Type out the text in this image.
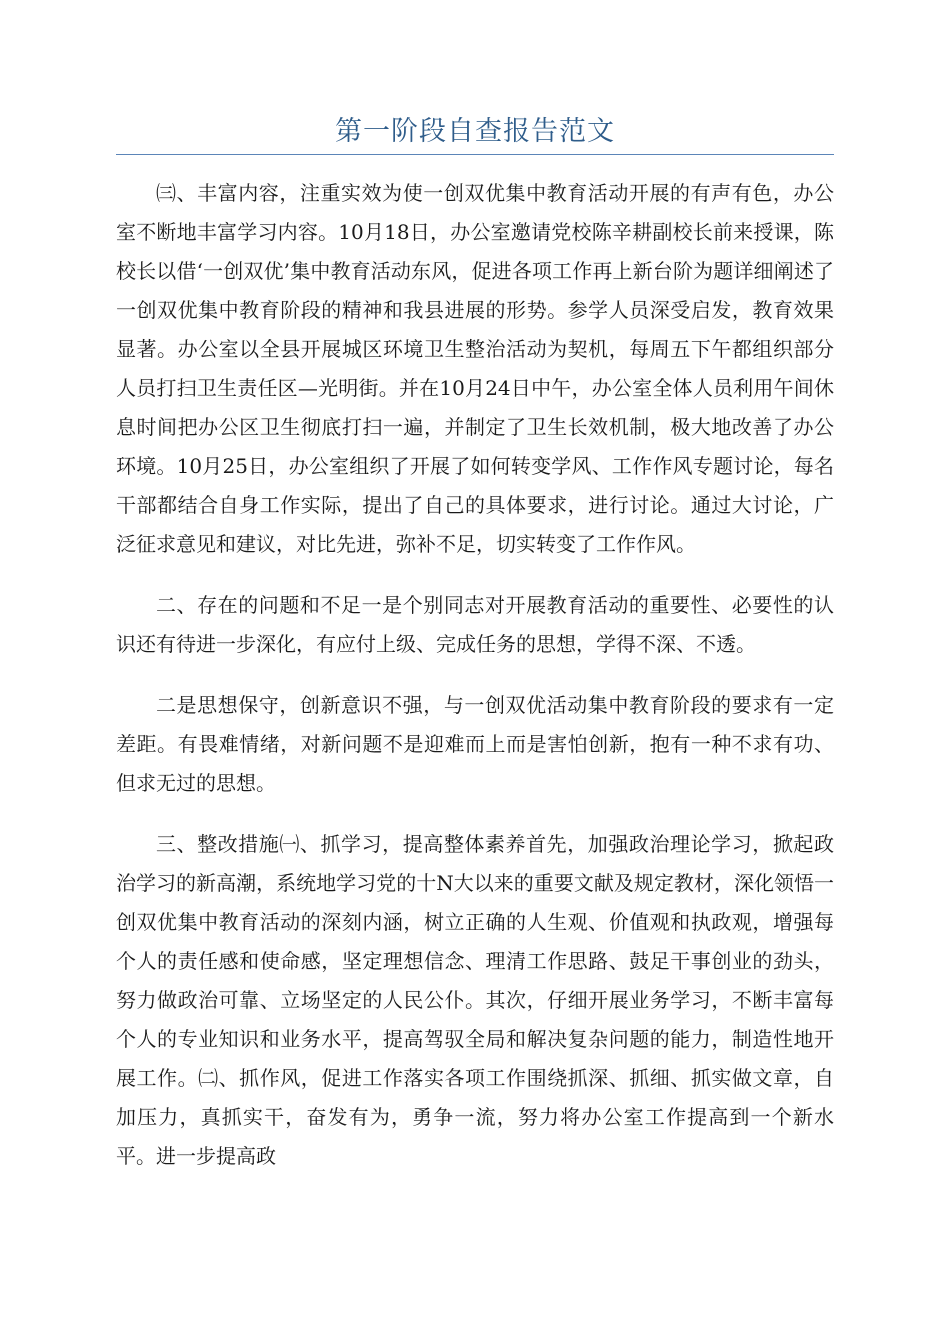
第一阶段自查报告范文

㈢、丰富内容，注重实效为使一创双优集中教育活动开展的有声有色，办公室不断地丰富学习内容。10月18日，办公室邀请党校陈辛耕副校长前来授课，陈校长以借‘一创双优’集中教育活动东风，促进各项工作再上新台阶为题详细阐述了一创双优集中教育阶段的精神和我县进展的形势。参学人员深受启发，教育效果显著。办公室以全县开展城区环境卫生整治活动为契机，每周五下午都组织部分人员打扫卫生责任区—光明街。并在10月24日中午，办公室全体人员利用午间休息时间把办公区卫生彻底打扫一遍，并制定了卫生长效机制，极大地改善了办公环境。10月25日，办公室组织了开展了如何转变学风、工作作风专题讨论，每名干部都结合自身工作实际，提出了自己的具体要求，进行讨论。通过大讨论，广泛征求意见和建议，对比先进，弥补不足，切实转变了工作作风。

二、存在的问题和不足一是个别同志对开展教育活动的重要性、必要性的认识还有待进一步深化，有应付上级、完成任务的思想，学得不深、不透。

二是思想保守，创新意识不强，与一创双优活动集中教育阶段的要求有一定差距。有畏难情绪，对新问题不是迎难而上而是害怕创新，抱有一种不求有功、但求无过的思想。

三、整改措施㈠、抓学习，提高整体素养首先，加强政治理论学习，掀起政治学习的新高潮，系统地学习党的十N大以来的重要文献及规定教材，深化领悟一创双优集中教育活动的深刻内涵，树立正确的人生观、价值观和执政观，增强每个人的责任感和使命感，坚定理想信念、理清工作思路、鼓足干事创业的劲头，努力做政治可靠、立场坚定的人民公仆。其次，仔细开展业务学习，不断丰富每个人的专业知识和业务水平，提高驾驭全局和解决复杂问题的能力，制造性地开展工作。㈡、抓作风，促进工作落实各项工作围绕抓深、抓细、抓实做文章，自加压力，真抓实干，奋发有为，勇争一流，努力将办公室工作提高到一个新水平。进一步提高政
